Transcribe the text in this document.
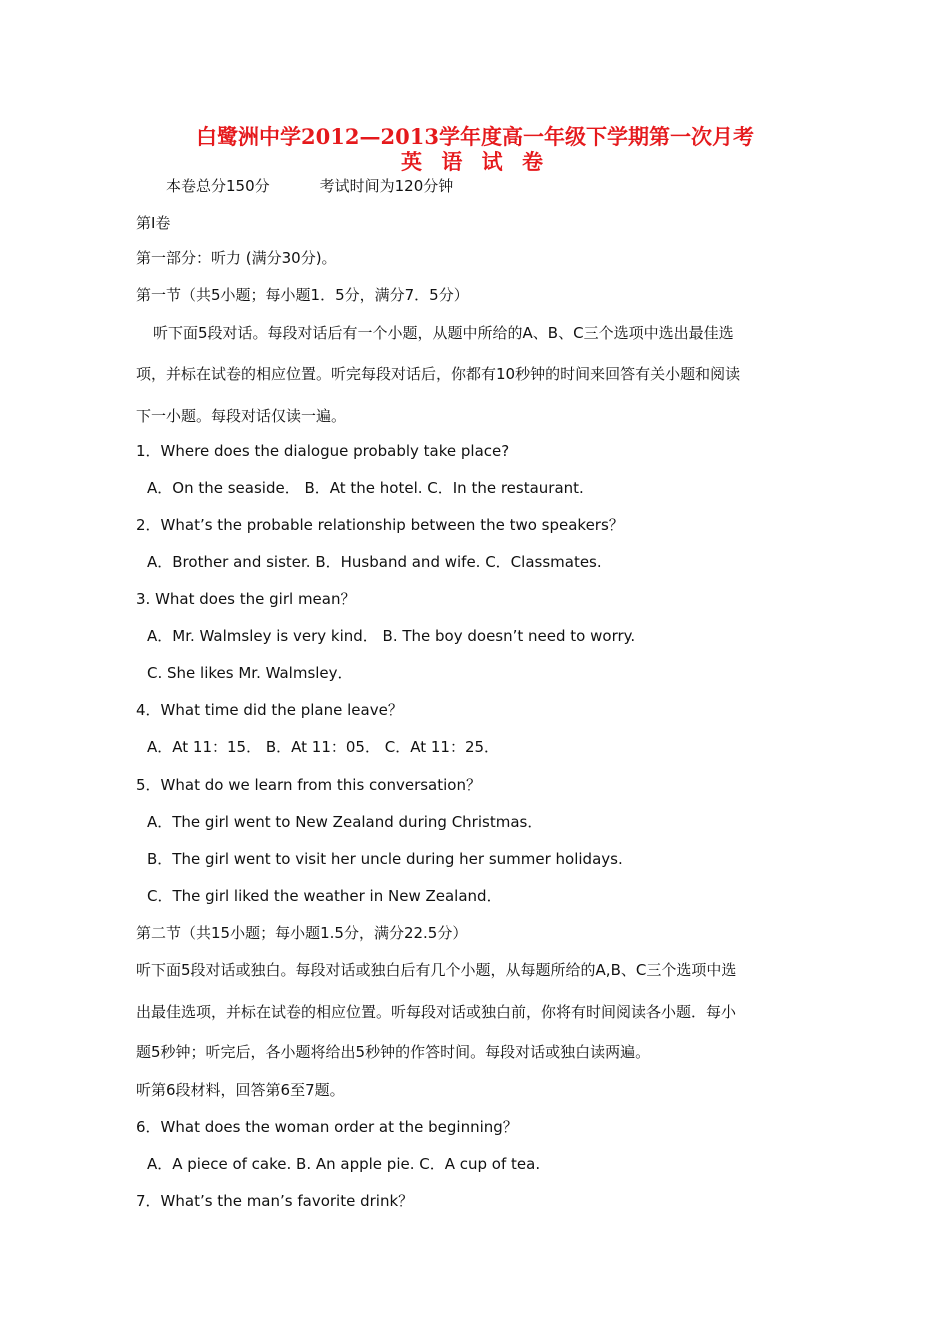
白鹭洲中学2012—2013学年度高一年级下学期第一次月考
英 语 试 卷
本卷总分150分	考试时间为120分钟
第Ⅰ卷
第一部分：听力 (满分30分)。
第一节（共5小题；每小题1．5分，满分7．5分）
听下面5段对话。每段对话后有一个小题，从题中所给的A、B、C三个选项中选出最佳选
项，并标在试卷的相应位置。听完每段对话后，你都有10秒钟的时间来回答有关小题和阅读
下一小题。每段对话仅读一遍。
1．Where does the dialogue probably take place?
A．On the seaside． B．At the hotel. C．In the restaurant.
2．What’s the probable relationship between the two speakers？
A．Brother and sister. B．Husband and wife. C．Classmates.
3. What does the girl mean？
A．Mr. Walmsley is very kind． B. The boy doesn’t need to worry.
C. She likes Mr. Walmsley．
4．What time did the plane leave？
A．At 11：15． B．At 11：05． C．At 11：25．
5．What do we learn from this conversation？
A．The girl went to New Zealand during Christmas．
B．The girl went to visit her uncle during her summer holidays.
C．The girl liked the weather in New Zealand．
第二节（共15小题；每小题1.5分，满分22.5分）
听下面5段对话或独白。每段对话或独白后有几个小题，从每题所给的A,B、C三个选项中选
出最佳选项，并标在试卷的相应位置。听每段对话或独白前，你将有时间阅读各小题．每小
题5秒钟；听完后，各小题将给出5秒钟的作答时间。每段对话或独白读两遍。
听第6段材料，回答第6至7题。
6．What does the woman order at the beginning？
A．A piece of cake. B. An apple pie. C．A cup of tea.
7．What’s the man’s favorite drink？
